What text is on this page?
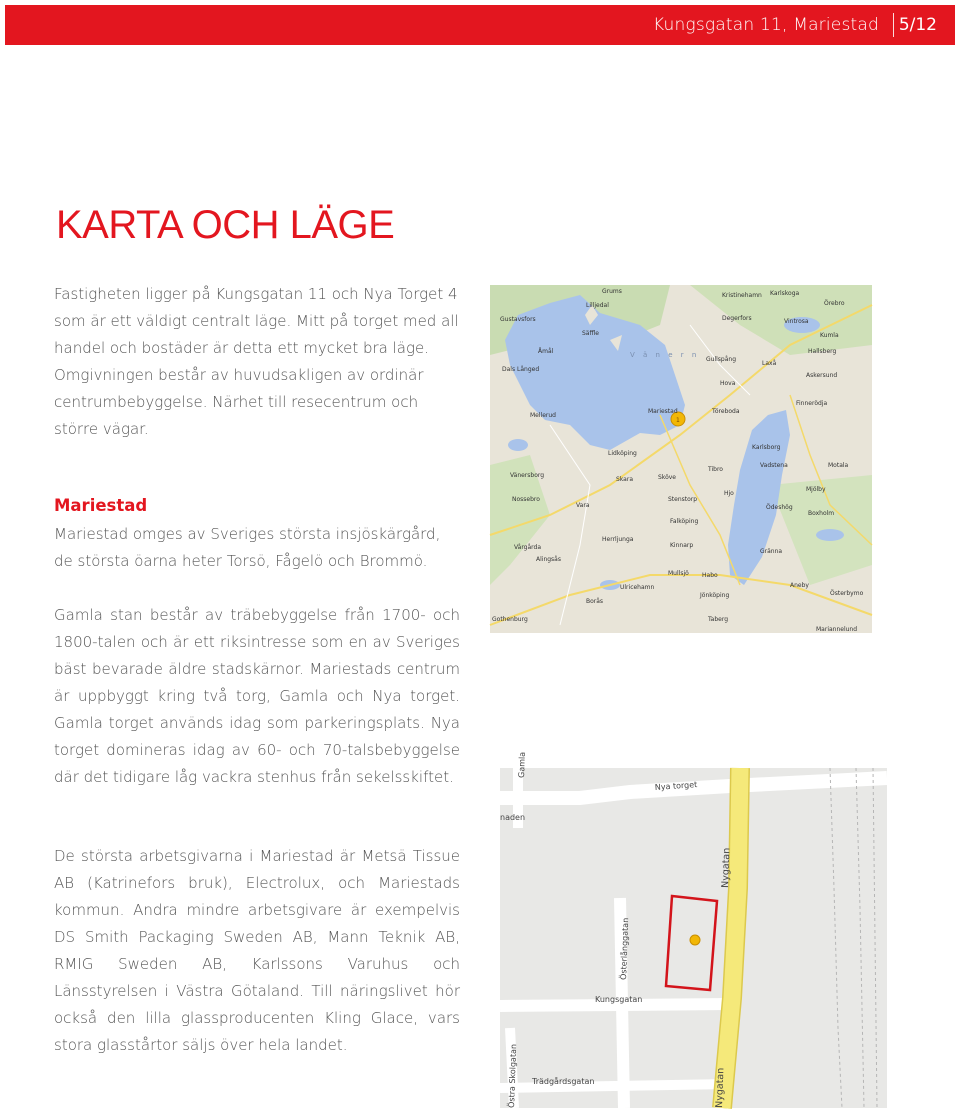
Kungsgatan 11, Mariestad 5/12
KARTA OCH LÄGE

Fastigheten ligger på Kungsgatan 11 och Nya Torget 4 som är ett väldigt centralt läge. Mitt på torget med all handel och bostäder är detta ett mycket bra läge. Omgivningen består av huvudsakligen av ordinär centrumbebyggelse. Närhet till resecentrum och större vägar.

Mariestad

Mariestad omges av Sveriges största insjöskärgård, de största öarna heter Torsö, Fågelö och Brommö.

Gamla stan består av träbebyggelse från 1700- och 1800-talen och är ett riksintresse som en av Sveriges bäst bevarade äldre stadskärnor. Mariestads centrum är uppbyggt kring två torg, Gamla och Nya torget. Gamla torget används idag som parkeringsplats. Nya torget domineras idag av 60- och 70-talsbebyggelse där det tidigare låg vackra stenhus från sekelsskiftet.

De största arbetsgivarna i Mariestad är Metsä Tissue AB (Katrinefors bruk), Electrolux, och Mariestads kommun. Andra mindre arbetsgivare är exempelvis DS Smith Packaging Sweden AB, Mann Teknik AB, RMIG Sweden AB, Karlssons Varuhus och Länsstyrelsen i Västra Götaland. Till näringslivet hör också den lilla glassproducenten Kling Glace, vars stora glasstårtor säljs över hela landet.

1
V ä n e r n
Grums
Kristinehamn Karlskoga
Örebro
Gustavsfors
Lilljedal
Säffle
Degerfors	Vintrosa
Kumla
Åmål
Gullspång
Laxå
Hallsberg
Dals Långed
Hova
Askersund
Mellerud
Mariestad	Töreboda
Finnerödja
Karlsborg
Lidköping
Vänersborg
Skara	Sköve
Tibro
Hjo
Vadstena	Motala
Mjölby
Nossebro
Vara
Stenstorp
Ödeshög
Boxholm
Falköping
Vårgårda
Herrljunga
Kinnarp
Gränna
Alingsås
Mullsjö Habo
Ulricehamn
Jönköping
Aneby
Österbymo
Borås
Gothenburg	Taberg
Mariannelund
Nya torget
Nygatan
Kungsgatan
Österlånggatan
Trädgårdsgatan	Nygatan
Östra Skolgatan
Gamla
naden
